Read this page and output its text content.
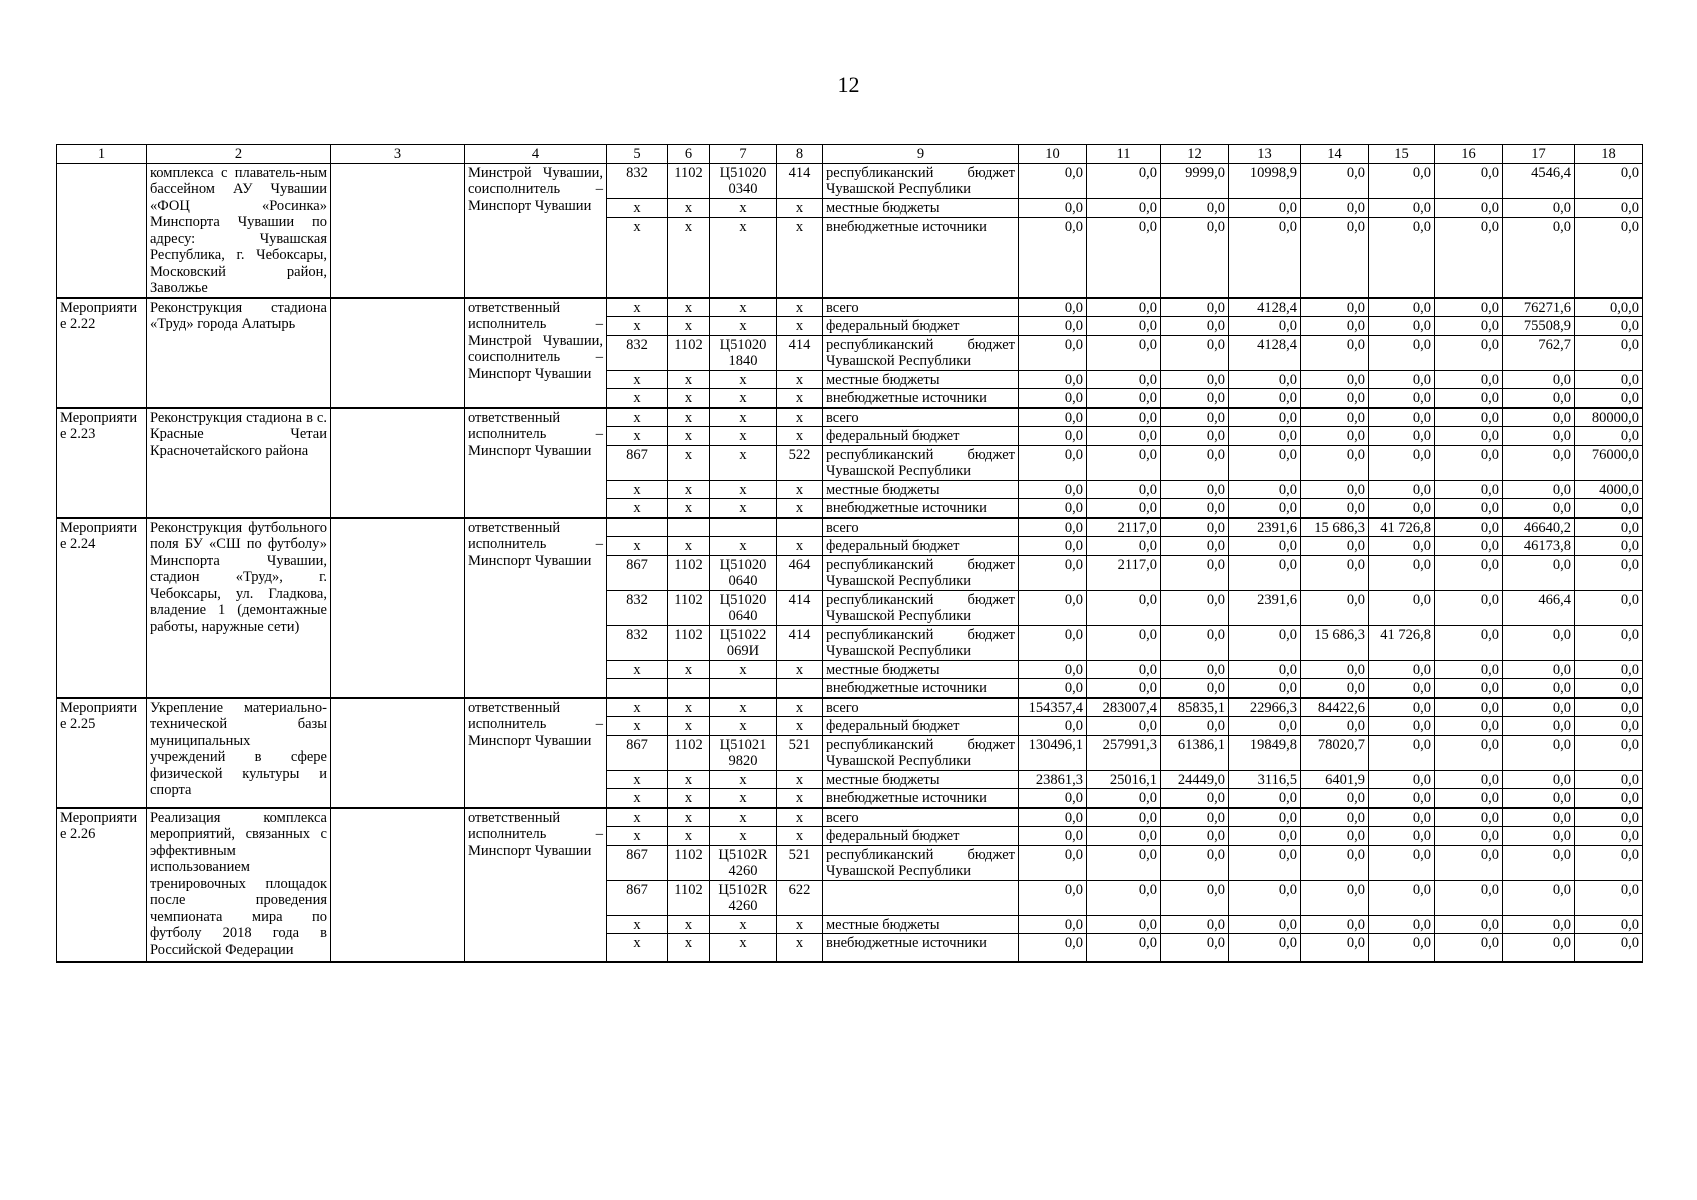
12
1	2	3	4	5	6	7	8	9	10	11	12	13	14	15	16	17	18
	комплекса с плаватель-ным бассейном АУ Чувашии «ФОЦ «Росинка» Минспорта Чувашии по адресу: Чувашская Республика, г. Чебоксары, Московский район, Заволжье		Минстрой Чувашии, соисполнитель – Минспорт Чувашии	832	1102	Ц51020 0340	414	республиканский бюджет Чувашской Республики	0,0	0,0	9999,0	10998,9	0,0	0,0	0,0	4546,4	0,0
				x	x	x	x	местные бюджеты	0,0	0,0	0,0	0,0	0,0	0,0	0,0	0,0	0,0
				x	x	x	x	внебюджетные источники	0,0	0,0	0,0	0,0	0,0	0,0	0,0	0,0	0,0
Мероприятие 2.22	Реконструкция стадиона «Труд» города Алатырь		ответственный исполнитель – Минстрой Чувашии, соисполнитель – Минспорт Чувашии	x	x	x	x	всего	0,0	0,0	0,0	4128,4	0,0	0,0	0,0	76271,6	0,0,0
				x	x	x	x	федеральный бюджет	0,0	0,0	0,0	0,0	0,0	0,0	0,0	75508,9	0,0
				832	1102	Ц51020 1840	414	республиканский бюджет Чувашской Республики	0,0	0,0	0,0	4128,4	0,0	0,0	0,0	762,7	0,0
				x	x	x	x	местные бюджеты	0,0	0,0	0,0	0,0	0,0	0,0	0,0	0,0	0,0
				x	x	x	x	внебюджетные источники	0,0	0,0	0,0	0,0	0,0	0,0	0,0	0,0	0,0
Мероприятие 2.23	Реконструкция стадиона в с. Красные Четаи Красночетайского района		ответственный исполнитель – Минспорт Чувашии	x	x	x	x	всего	0,0	0,0	0,0	0,0	0,0	0,0	0,0	0,0	80000,0
				x	x	x	x	федеральный бюджет	0,0	0,0	0,0	0,0	0,0	0,0	0,0	0,0	0,0
				867	x	x	522	республиканский бюджет Чувашской Республики	0,0	0,0	0,0	0,0	0,0	0,0	0,0	0,0	76000,0
				x	x	x	x	местные бюджеты	0,0	0,0	0,0	0,0	0,0	0,0	0,0	0,0	4000,0
				x	x	x	x	внебюджетные источники	0,0	0,0	0,0	0,0	0,0	0,0	0,0	0,0	0,0
Мероприятие 2.24	Реконструкция футбольного поля БУ «СШ по футболу» Минспорта Чувашии, стадион «Труд», г. Чебоксары, ул. Гладкова, владение 1 (демонтажные работы, наружные сети)		ответственный исполнитель – Минспорт Чувашии					всего	0,0	2117,0	0,0	2391,6	15 686,3	41 726,8	0,0	46640,2	0,0
				x	x	x	x	федеральный бюджет	0,0	0,0	0,0	0,0	0,0	0,0	0,0	46173,8	0,0
				867	1102	Ц51020 0640	464	республиканский бюджет Чувашской Республики	0,0	2117,0	0,0	0,0	0,0	0,0	0,0	0,0	0,0
				832	1102	Ц51020 0640	414	республиканский бюджет Чувашской Республики	0,0	0,0	0,0	2391,6	0,0	0,0	0,0	466,4	0,0
				832	1102	Ц51022 069И	414	республиканский бюджет Чувашской Республики	0,0	0,0	0,0	0,0	15 686,3	41 726,8	0,0	0,0	0,0
				x	x	x	x	местные бюджеты	0,0	0,0	0,0	0,0	0,0	0,0	0,0	0,0	0,0
								внебюджетные источники	0,0	0,0	0,0	0,0	0,0	0,0	0,0	0,0	0,0
Мероприятие 2.25	Укрепление материально-технической базы муниципальных учреждений в сфере физической культуры и спорта		ответственный исполнитель – Минспорт Чувашии	x	x	x	x	всего	154357,4	283007,4	85835,1	22966,3	84422,6	0,0	0,0	0,0	0,0
				x	x	x	x	федеральный бюджет	0,0	0,0	0,0	0,0	0,0	0,0	0,0	0,0	0,0
				867	1102	Ц51021 9820	521	республиканский бюджет Чувашской Республики	130496,1	257991,3	61386,1	19849,8	78020,7	0,0	0,0	0,0	0,0
				x	x	x	x	местные бюджеты	23861,3	25016,1	24449,0	3116,5	6401,9	0,0	0,0	0,0	0,0
				x	x	x	x	внебюджетные источники	0,0	0,0	0,0	0,0	0,0	0,0	0,0	0,0	0,0
Мероприятие 2.26	Реализация комплекса мероприятий, связанных с эффективным использованием тренировочных площадок после проведения чемпионата мира по футболу 2018 года в Российской Федерации		ответственный исполнитель – Минспорт Чувашии	x	x	x	x	всего	0,0	0,0	0,0	0,0	0,0	0,0	0,0	0,0	0,0
				x	x	x	x	федеральный бюджет	0,0	0,0	0,0	0,0	0,0	0,0	0,0	0,0	0,0
				867	1102	Ц5102R 4260	521	республиканский бюджет Чувашской Республики	0,0	0,0	0,0	0,0	0,0	0,0	0,0	0,0	0,0
				867	1102	Ц5102R 4260	622		0,0	0,0	0,0	0,0	0,0	0,0	0,0	0,0	0,0
				x	x	x	x	местные бюджеты	0,0	0,0	0,0	0,0	0,0	0,0	0,0	0,0	0,0
				x	x	x	x	внебюджетные источники	0,0	0,0	0,0	0,0	0,0	0,0	0,0	0,0	0,0
